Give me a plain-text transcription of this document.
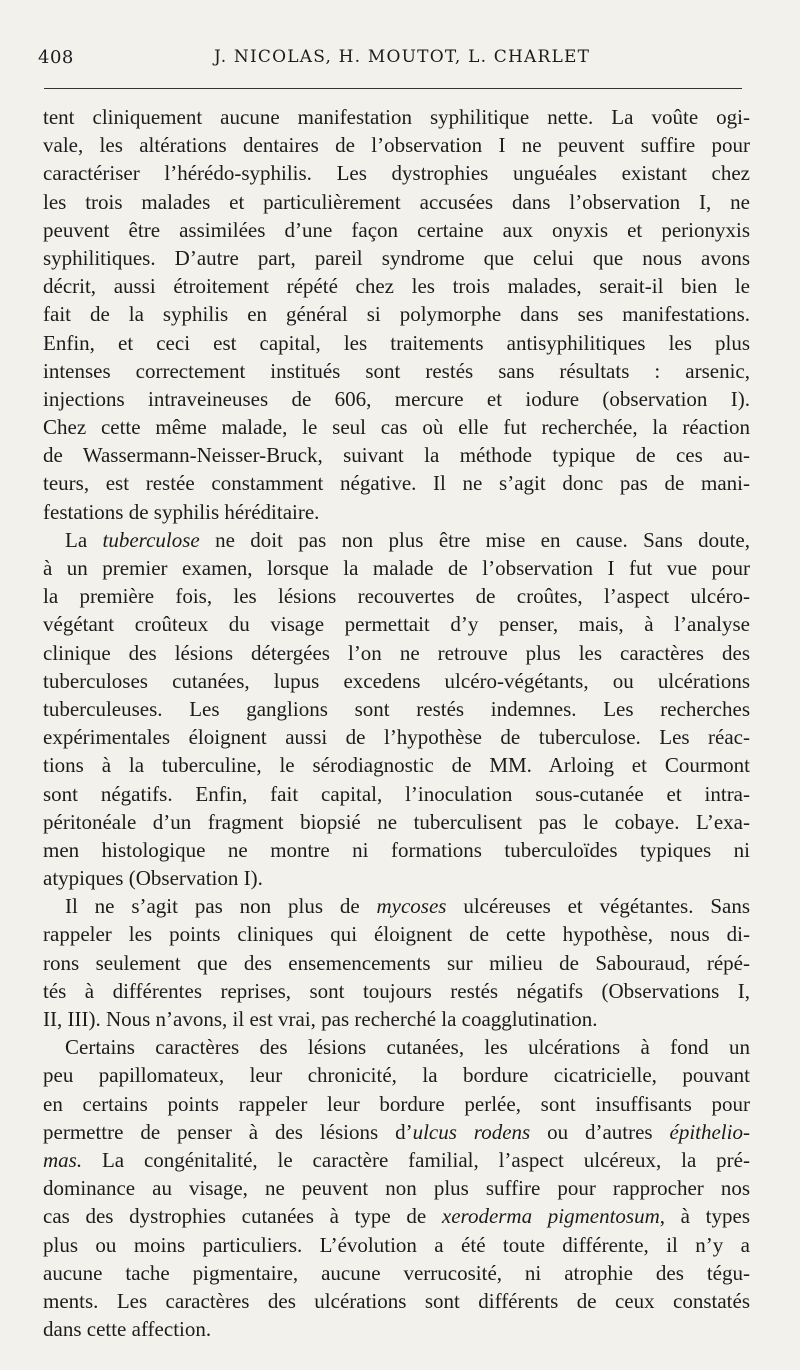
408	J. NICOLAS, H. MOUTOT, L. CHARLET
tent cliniquement aucune manifestation syphilitique nette. La voûte ogi-
vale, les altérations dentaires de l’observation I ne peuvent suffire pour
caractériser l’hérédo-syphilis. Les dystrophies unguéales existant chez
les trois malades et particulièrement accusées dans l’observation I, ne
peuvent être assimilées d’une façon certaine aux onyxis et perionyxis
syphilitiques. D’autre part, pareil syndrome que celui que nous avons
décrit, aussi étroitement répété chez les trois malades, serait-il bien le
fait de la syphilis en général si polymorphe dans ses manifestations.
Enfin, et ceci est capital, les traitements antisyphilitiques les plus
intenses correctement institués sont restés sans résultats : arsenic,
injections intraveineuses de 606, mercure et iodure (observation I).
Chez cette même malade, le seul cas où elle fut recherchée, la réaction
de Wassermann-Neisser-Bruck, suivant la méthode typique de ces au-
teurs, est restée constamment négative. Il ne s’agit donc pas de mani-
festations de syphilis héréditaire.
La tuberculose ne doit pas non plus être mise en cause. Sans doute,
à un premier examen, lorsque la malade de l’observation I fut vue pour
la première fois, les lésions recouvertes de croûtes, l’aspect ulcéro-
végétant croûteux du visage permettait d’y penser, mais, à l’analyse
clinique des lésions détergées l’on ne retrouve plus les caractères des
tuberculoses cutanées, lupus excedens ulcéro-végétants, ou ulcérations
tuberculeuses. Les ganglions sont restés indemnes. Les recherches
expérimentales éloignent aussi de l’hypothèse de tuberculose. Les réac-
tions à la tuberculine, le sérodiagnostic de MM. Arloing et Courmont
sont négatifs. Enfin, fait capital, l’inoculation sous-cutanée et intra-
péritonéale d’un fragment biopsié ne tuberculisent pas le cobaye. L’exa-
men histologique ne montre ni formations tuberculoïdes typiques ni
atypiques (Observation I).
Il ne s’agit pas non plus de mycoses ulcéreuses et végétantes. Sans
rappeler les points cliniques qui éloignent de cette hypothèse, nous di-
rons seulement que des ensemencements sur milieu de Sabouraud, répé-
tés à différentes reprises, sont toujours restés négatifs (Observations I,
II, III). Nous n’avons, il est vrai, pas recherché la coagglutination.
Certains caractères des lésions cutanées, les ulcérations à fond un
peu papillomateux, leur chronicité, la bordure cicatricielle, pouvant
en certains points rappeler leur bordure perlée, sont insuffisants pour
permettre de penser à des lésions d’ulcus rodens ou d’autres épithelio-
mas. La congénitalité, le caractère familial, l’aspect ulcéreux, la pré-
dominance au visage, ne peuvent non plus suffire pour rapprocher nos
cas des dystrophies cutanées à type de xeroderma pigmentosum, à types
plus ou moins particuliers. L’évolution a été toute différente, il n’y a
aucune tache pigmentaire, aucune verrucosité, ni atrophie des tégu-
ments. Les caractères des ulcérations sont différents de ceux constatés
dans cette affection.
